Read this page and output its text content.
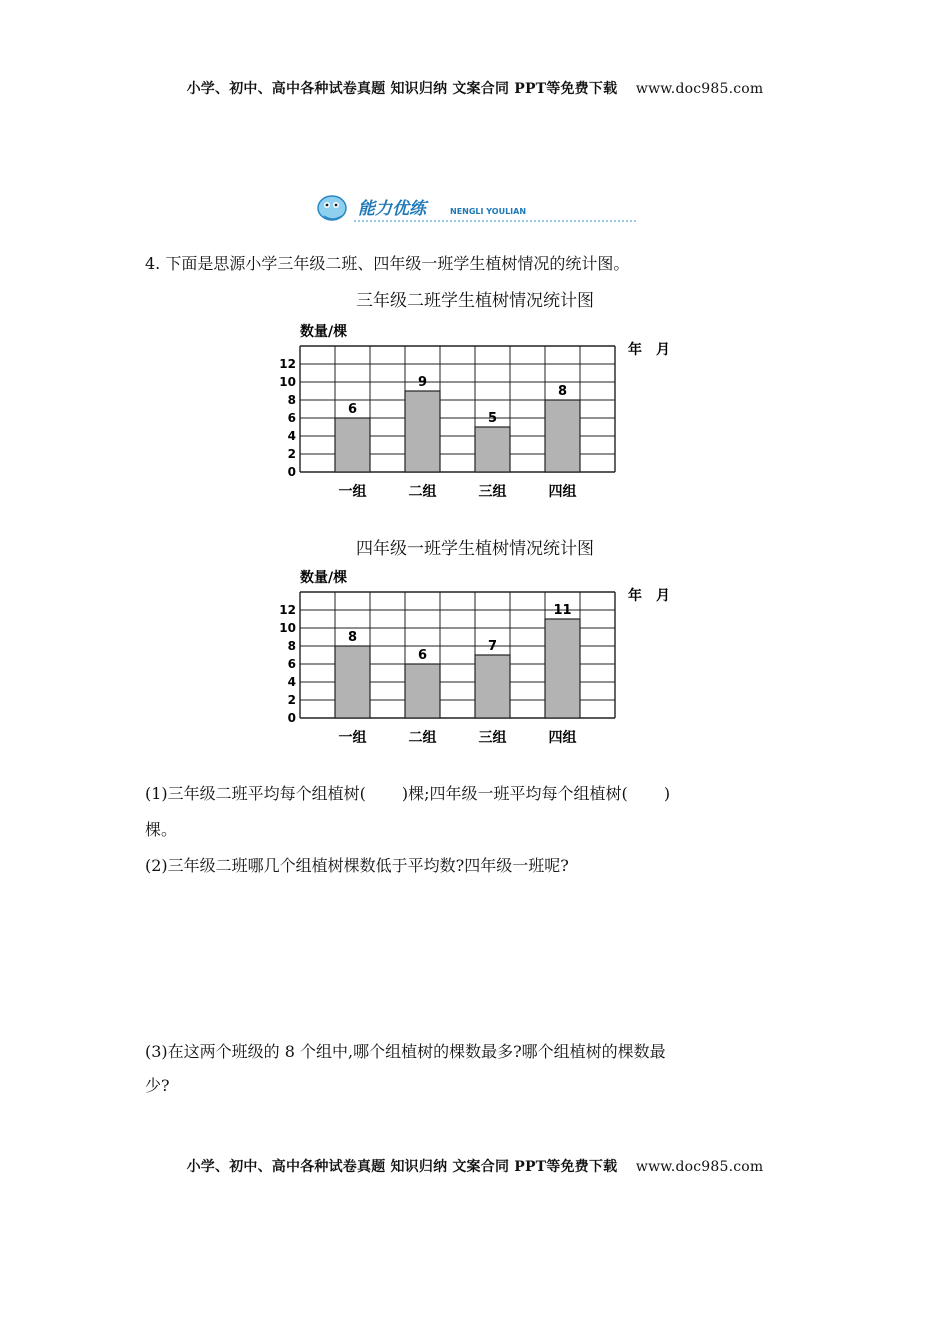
小学、初中、高中各种试卷真题 知识归纳 文案合同 PPT等免费下载 www.doc985.com
能力优练	NENGLI YOULIAN
4. 下面是思源小学三年级二班、四年级一班学生植树情况的统计图。
三年级二班学生植树情况统计图
数量/棵
年　月
0
2
4
6
8
10
12
6
一组
9
二组
5
三组
8
四组
四年级一班学生植树情况统计图
数量/棵
年　月
0
2
4
6
8
10
12
8
一组
6
二组
7
三组
11
四组
(1)三年级二班平均每个组植树( )棵;四年级一班平均每个组植树( )
棵。
(2)三年级二班哪几个组植树棵数低于平均数?四年级一班呢?
(3)在这两个班级的 8 个组中,哪个组植树的棵数最多?哪个组植树的棵数最
少?
小学、初中、高中各种试卷真题 知识归纳 文案合同 PPT等免费下载 www.doc985.com
